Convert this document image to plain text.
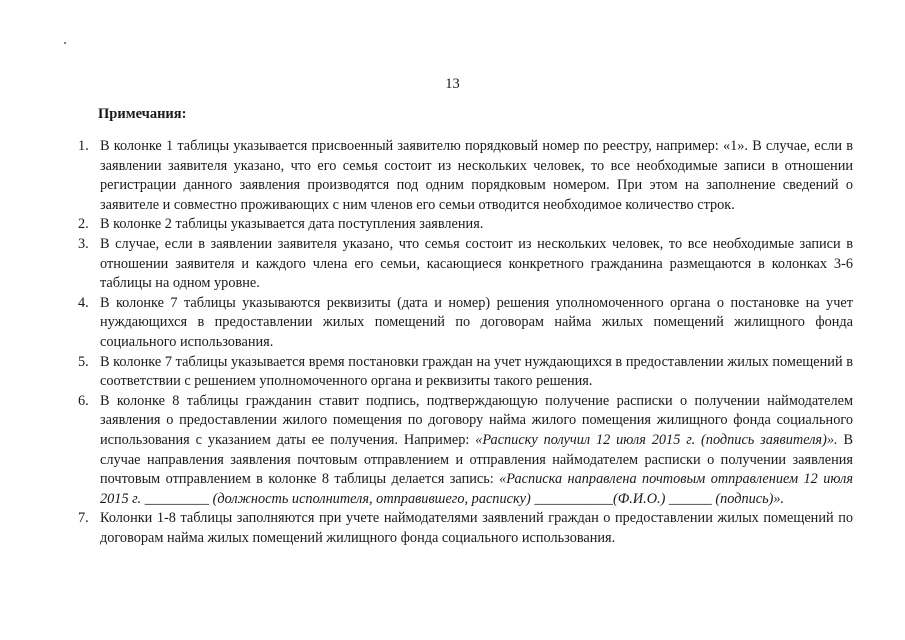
13
Примечания:
1. В колонке 1 таблицы указывается присвоенный заявителю порядковый номер по реестру, например: «1». В случае, если в заявлении заявителя указано, что его семья состоит из нескольких человек, то все необходимые записи в отношении регистрации данного заявления производятся под одним порядковым номером. При этом на заполнение сведений о заявителе и совместно проживающих с ним членов его семьи отводится необходимое количество строк.
2. В колонке 2 таблицы указывается дата поступления заявления.
3. В случае, если в заявлении заявителя указано, что семья состоит из нескольких человек, то все необходимые записи в отношении заявителя и каждого члена его семьи, касающиеся конкретного гражданина размещаются в колонках 3-6 таблицы на одном уровне.
4. В колонке 7 таблицы указываются реквизиты (дата и номер) решения уполномоченного органа о постановке на учет нуждающихся в предоставлении жилых помещений по договорам найма жилых помещений жилищного фонда социального использования.
5. В колонке 7 таблицы указывается время постановки граждан на учет нуждающихся в предоставлении жилых помещений в соответствии с решением уполномоченного органа и реквизиты такого решения.
6. В колонке 8 таблицы гражданин ставит подпись, подтверждающую получение расписки о получении наймодателем заявления о предоставлении жилого помещения по договору найма жилого помещения жилищного фонда социального использования с указанием даты ее получения. Например: «Расписку получил 12 июля 2015 г. (подпись заявителя)». В случае направления заявления почтовым отправлением и отправления наймодателем расписки о получении заявления почтовым отправлением в колонке 8 таблицы делается запись: «Расписка направлена почтовым отправлением 12 июля 2015 г. _________ (должность исполнителя, отправившего, расписку) ___________(Ф.И.О.) ______ (подпись)».
7. Колонки 1-8 таблицы заполняются при учете наймодателями заявлений граждан о предоставлении жилых помещений по договорам найма жилых помещений жилищного фонда социального использования.
